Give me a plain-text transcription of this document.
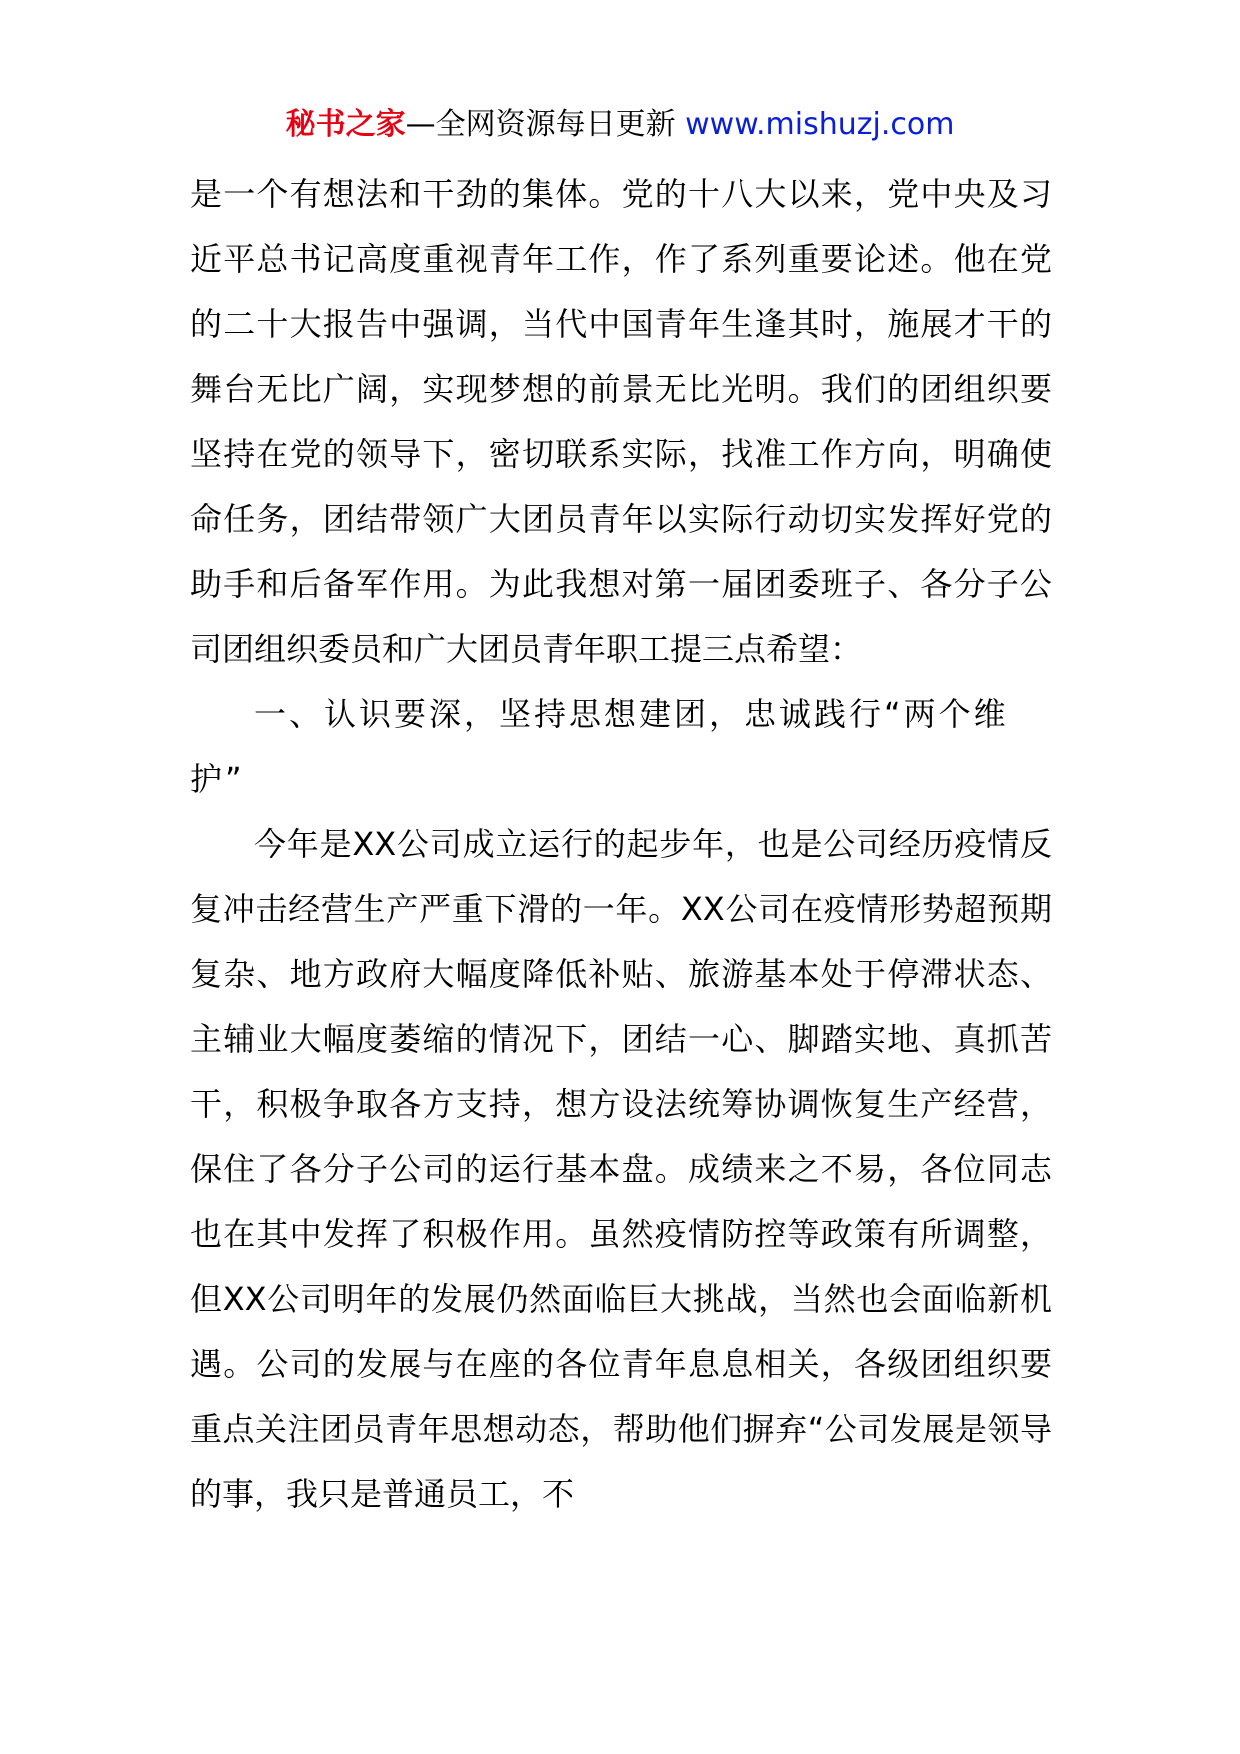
秘书之家—全网资源每日更新 www.mishuzj.com

是一个有想法和干劲的集体。党的十八大以来，党中央及习近平总书记高度重视青年工作，作了系列重要论述。他在党的二十大报告中强调，当代中国青年生逢其时，施展才干的舞台无比广阔，实现梦想的前景无比光明。我们的团组织要坚持在党的领导下，密切联系实际，找准工作方向，明确使命任务，团结带领广大团员青年以实际行动切实发挥好党的助手和后备军作用。为此我想对第一届团委班子、各分子公司团组织委员和广大团员青年职工提三点希望：

一、认识要深，坚持思想建团，忠诚践行“两个维护”

今年是XX公司成立运行的起步年，也是公司经历疫情反复冲击经营生产严重下滑的一年。XX公司在疫情形势超预期复杂、地方政府大幅度降低补贴、旅游基本处于停滞状态、主辅业大幅度萎缩的情况下，团结一心、脚踏实地、真抓苦干，积极争取各方支持，想方设法统筹协调恢复生产经营，保住了各分子公司的运行基本盘。成绩来之不易，各位同志也在其中发挥了积极作用。虽然疫情防控等政策有所调整，但XX公司明年的发展仍然面临巨大挑战，当然也会面临新机遇。公司的发展与在座的各位青年息息相关，各级团组织要重点关注团员青年思想动态，帮助他们摒弃“公司发展是领导的事，我只是普通员工，不
